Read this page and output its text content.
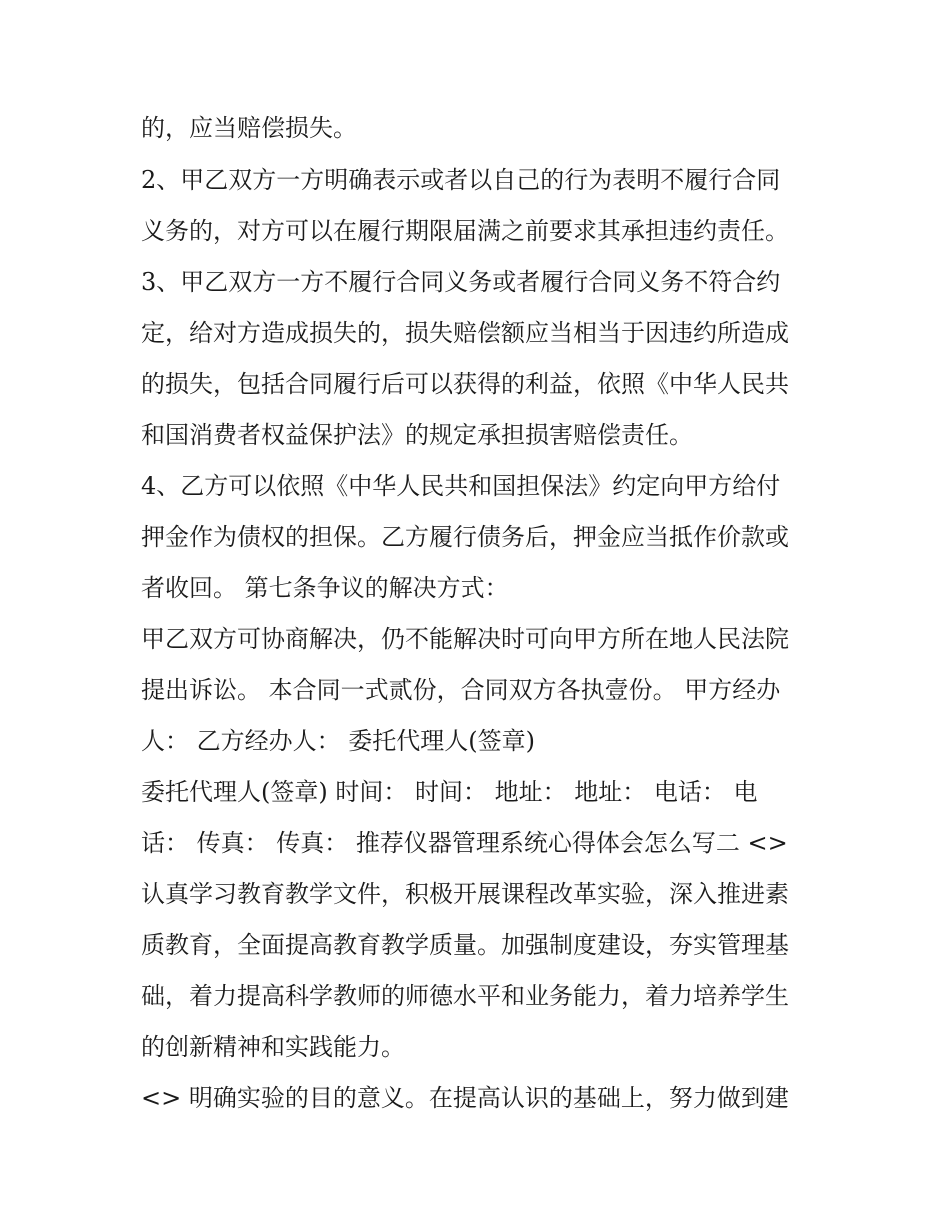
的，应当赔偿损失。
2、甲乙双方一方明确表示或者以自己的行为表明不履行合同
义务的，对方可以在履行期限届满之前要求其承担违约责任。
3、甲乙双方一方不履行合同义务或者履行合同义务不符合约
定，给对方造成损失的，损失赔偿额应当相当于因违约所造成
的损失，包括合同履行后可以获得的利益，依照《中华人民共
和国消费者权益保护法》的规定承担损害赔偿责任。
4、乙方可以依照《中华人民共和国担保法》约定向甲方给付
押金作为债权的担保。乙方履行债务后，押金应当抵作价款或
者收回。 第七条争议的解决方式：
甲乙双方可协商解决，仍不能解决时可向甲方所在地人民法院
提出诉讼。 本合同一式贰份，合同双方各执壹份。 甲方经办
人： 乙方经办人： 委托代理人(签章)
委托代理人(签章) 时间： 时间： 地址： 地址： 电话： 电
话： 传真： 传真： 推荐仪器管理系统心得体会怎么写二 <>
认真学习教育教学文件，积极开展课程改革实验，深入推进素
质教育，全面提高教育教学质量。加强制度建设，夯实管理基
础，着力提高科学教师的师德水平和业务能力，着力培养学生
的创新精神和实践能力。
<> 明确实验的目的意义。在提高认识的基础上，努力做到建
